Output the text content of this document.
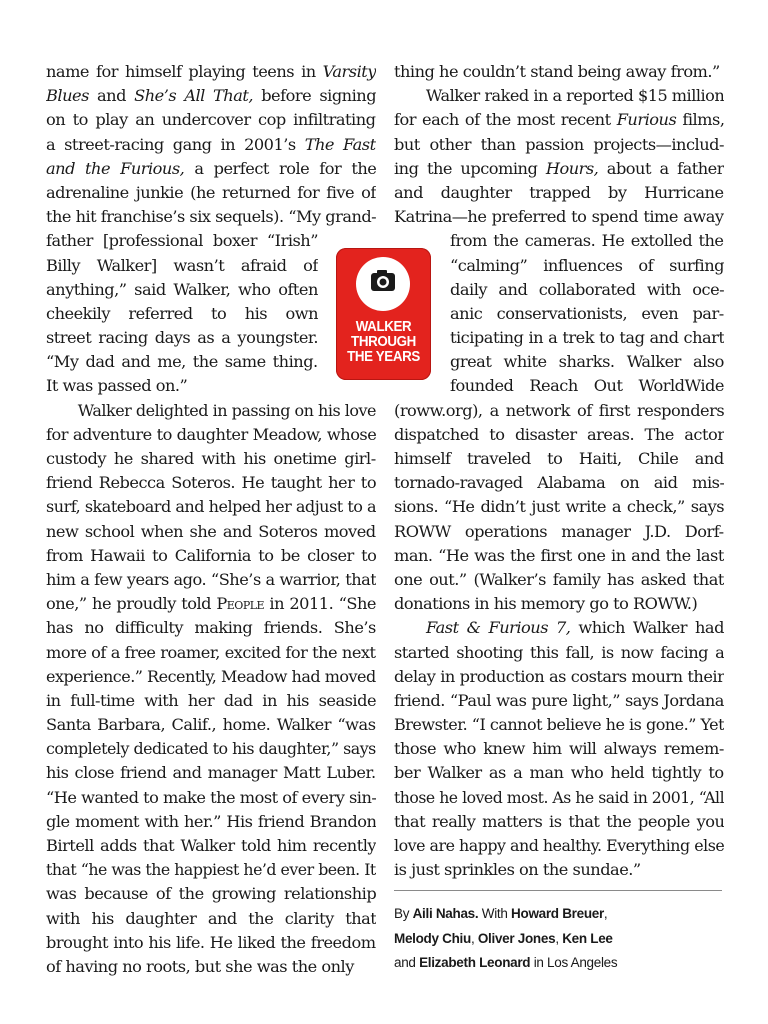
name for himself playing teens in Varsity
Blues and She’s All That, before signing
on to play an undercover cop infiltrating
a street-racing gang in 2001’s The Fast
and the Furious, a perfect role for the
adrenaline junkie (he returned for five of
the hit franchise’s six sequels). “My grand-
father [professional boxer “Irish”
Billy Walker] wasn’t afraid of
anything,” said Walker, who often
cheekily referred to his own
street racing days as a youngster.
“My dad and me, the same thing.
It was passed on.”
Walker delighted in passing on his love
for adventure to daughter Meadow, whose
custody he shared with his onetime girl-
friend Rebecca Soteros. He taught her to
surf, skateboard and helped her adjust to a
new school when she and Soteros moved
from Hawaii to California to be closer to
him a few years ago. “She’s a warrior, that
one,” he proudly told People in 2011. “She
has no difficulty making friends. She’s
more of a free roamer, excited for the next
experience.” Recently, Meadow had moved
in full-time with her dad in his seaside
Santa Barbara, Calif., home. Walker “was
completely dedicated to his daughter,” says
his close friend and manager Matt Luber.
“He wanted to make the most of every sin-
gle moment with her.” His friend Brandon
Birtell adds that Walker told him recently
that “he was the happiest he’d ever been. It
was because of the growing relationship
with his daughter and the clarity that
brought into his life. He liked the freedom
of having no roots, but she was the only
thing he couldn’t stand being away from.”
Walker raked in a reported $15 million
for each of the most recent Furious films,
but other than passion projects—includ-
ing the upcoming Hours, about a father
and daughter trapped by Hurricane
Katrina—he preferred to spend time away
from the cameras. He extolled the
“calming” influences of surfing
daily and collaborated with oce-
anic conservationists, even par-
ticipating in a trek to tag and chart
great white sharks. Walker also
founded Reach Out WorldWide
(roww.org), a network of first responders
dispatched to disaster areas. The actor
himself traveled to Haiti, Chile and
tornado-ravaged Alabama on aid mis-
sions. “He didn’t just write a check,” says
ROWW operations manager J.D. Dorf-
man. “He was the first one in and the last
one out.” (Walker’s family has asked that
donations in his memory go to ROWW.)
Fast & Furious 7, which Walker had
started shooting this fall, is now facing a
delay in production as costars mourn their
friend. “Paul was pure light,” says Jordana
Brewster. “I cannot believe he is gone.” Yet
those who knew him will always remem-
ber Walker as a man who held tightly to
those he loved most. As he said in 2001, “All
that really matters is that the people you
love are happy and healthy. Everything else
is just sprinkles on the sundae.”
WALKER
THROUGH
THE YEARS
By Aili Nahas. With Howard Breuer,
Melody Chiu, Oliver Jones, Ken Lee
and Elizabeth Leonard in Los Angeles
